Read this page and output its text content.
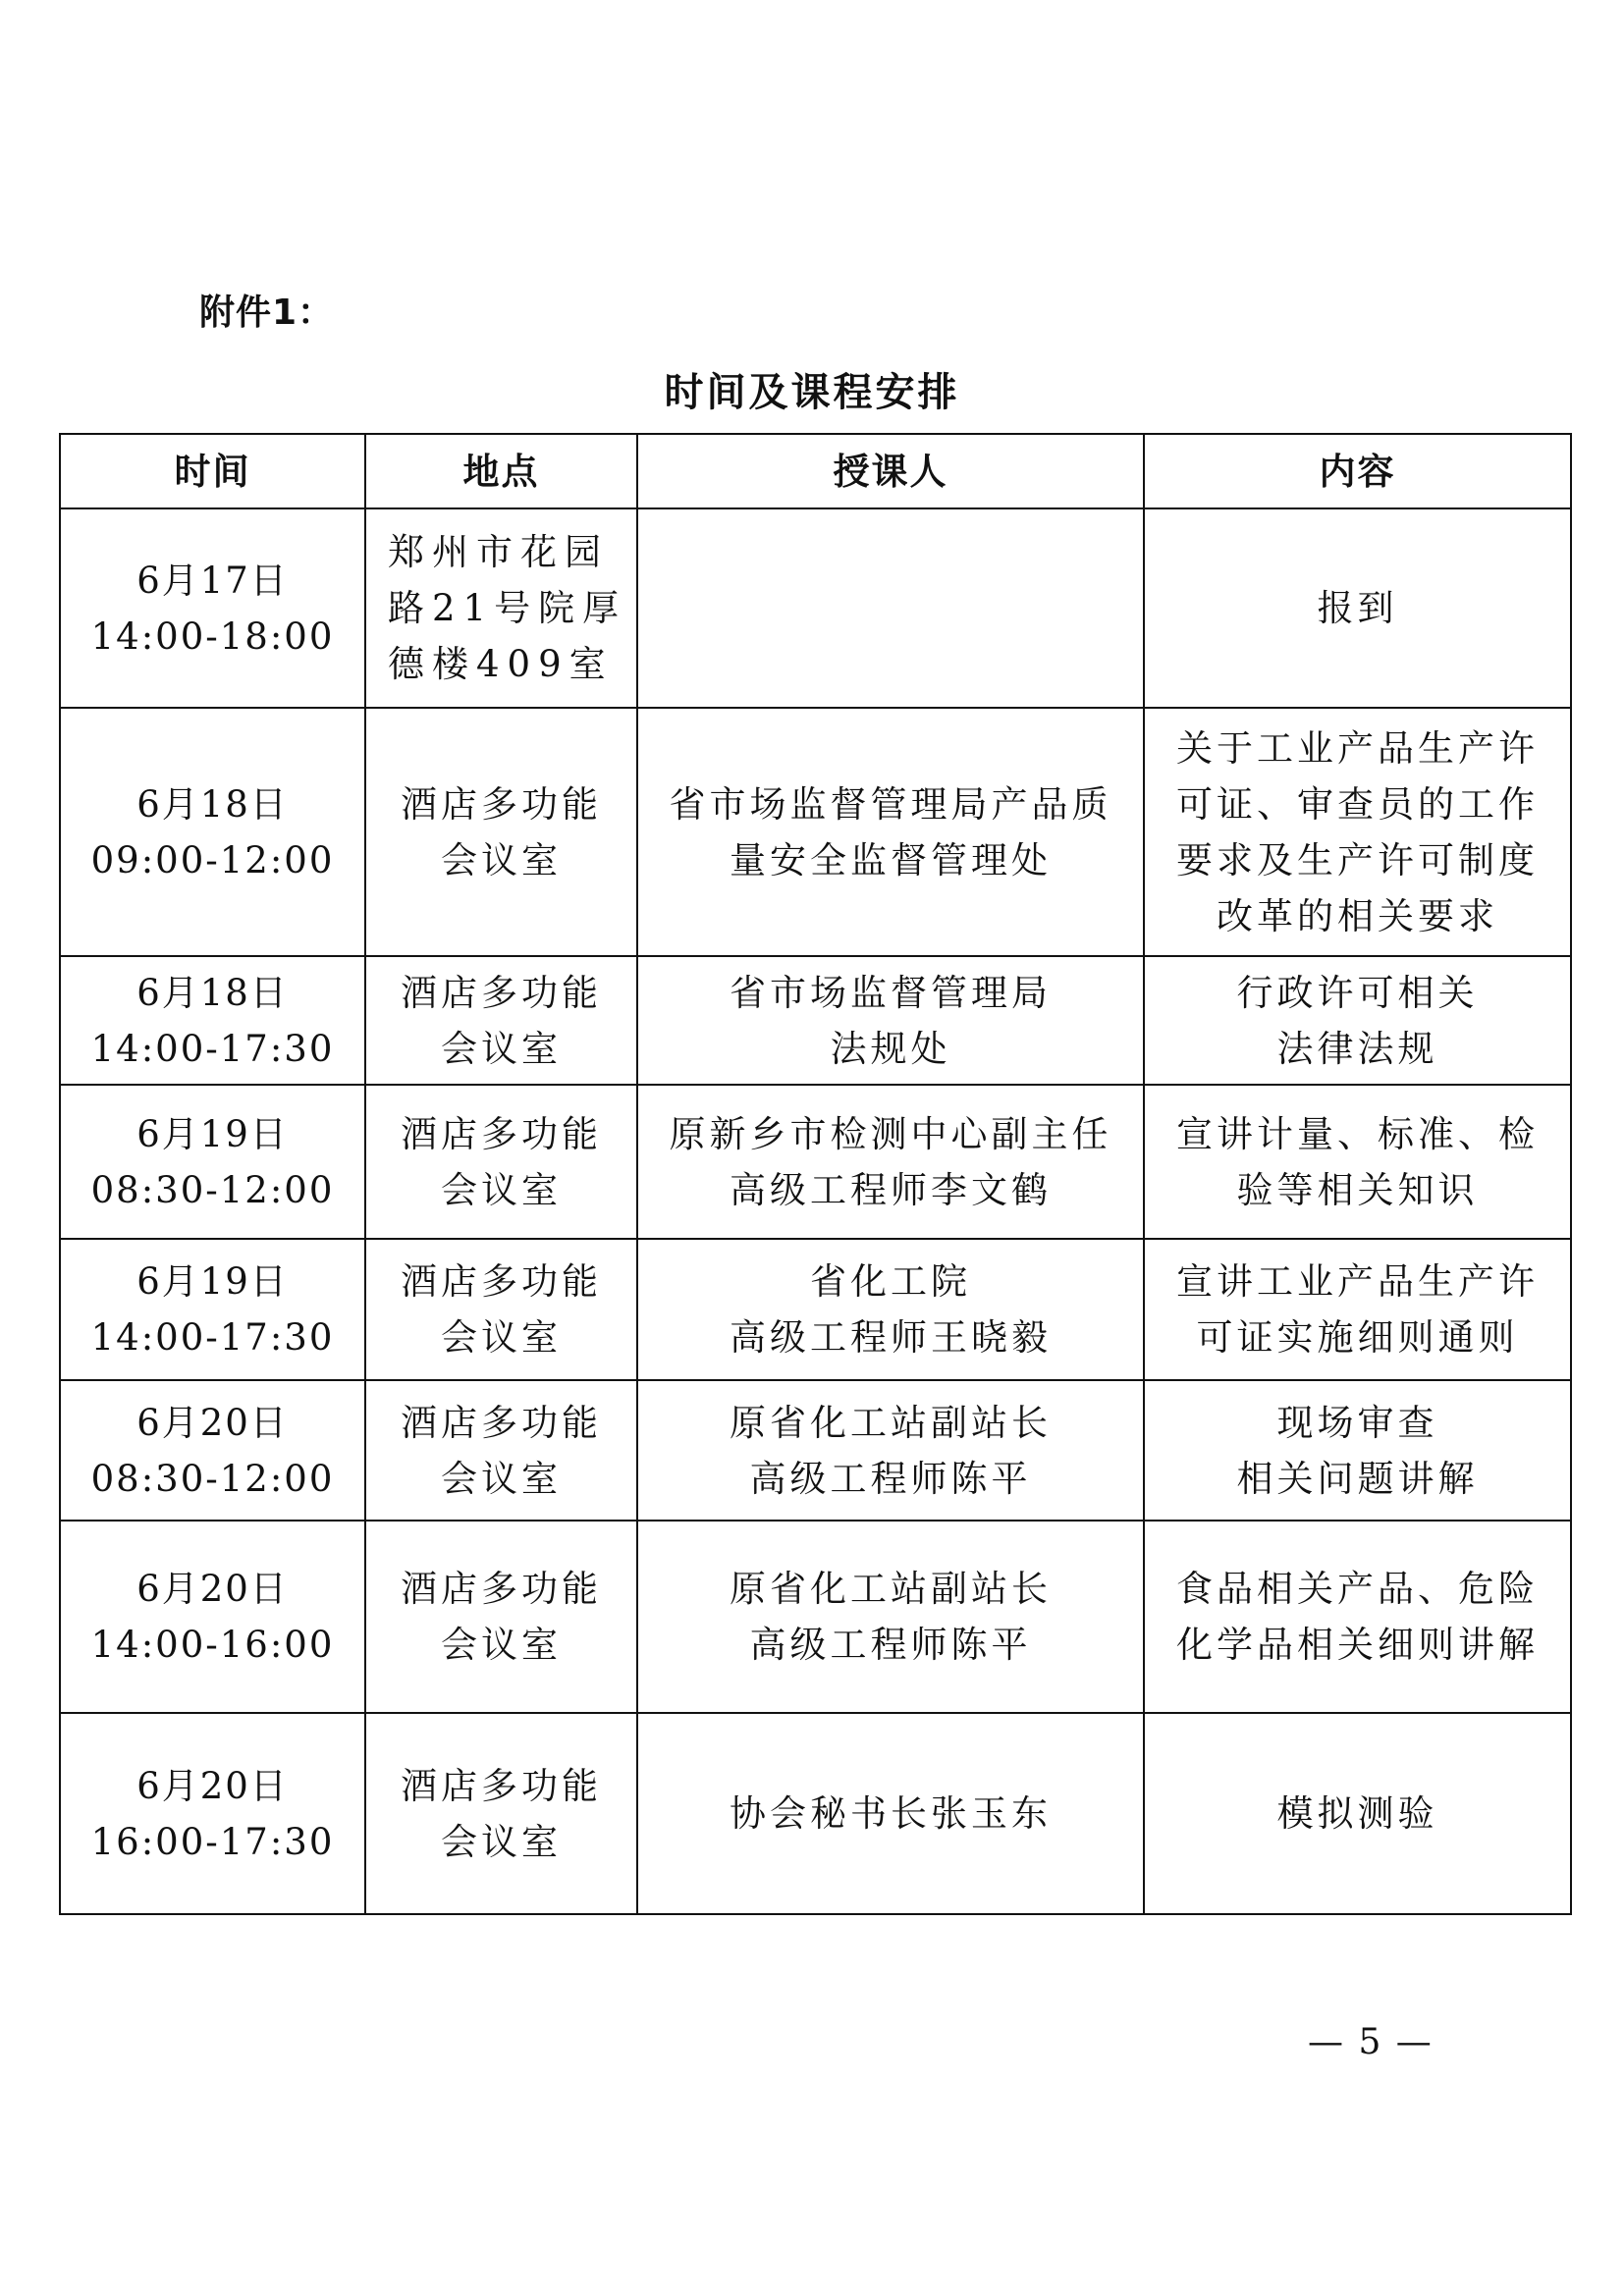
附件1：
时间及课程安排
时间	地点	授课人	内容

6月17日
14:00-18:00	郑州市花园
路21号院厚
德楼409室		报到

6月18日
09:00-12:00	酒店多功能
会议室	省市场监督管理局产品质
量安全监督管理处	关于工业产品生产许
可证、审查员的工作
要求及生产许可制度
改革的相关要求

6月18日
14:00-17:30	酒店多功能
会议室	省市场监督管理局
法规处	行政许可相关
法律法规

6月19日
08:30-12:00	酒店多功能
会议室	原新乡市检测中心副主任
高级工程师李文鹤	宣讲计量、标准、检
验等相关知识

6月19日
14:00-17:30	酒店多功能
会议室	省化工院
高级工程师王晓毅	宣讲工业产品生产许
可证实施细则通则

6月20日
08:30-12:00	酒店多功能
会议室	原省化工站副站长
高级工程师陈平	现场审查
相关问题讲解

6月20日
14:00-16:00	酒店多功能
会议室	原省化工站副站长
高级工程师陈平	食品相关产品、危险
化学品相关细则讲解

6月20日
16:00-17:30	酒店多功能
会议室	协会秘书长张玉东	模拟测验
— 5 —
